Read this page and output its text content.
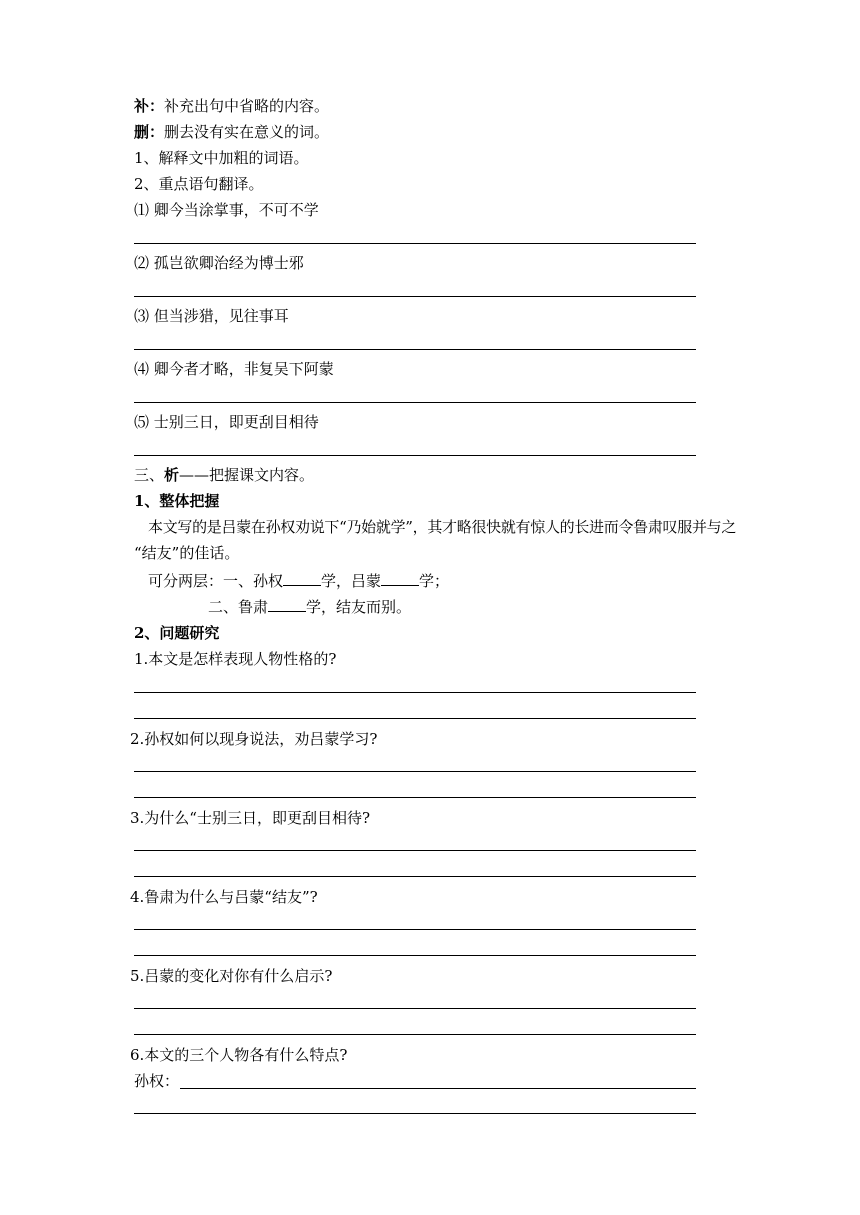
补：补充出句中省略的内容。
删：删去没有实在意义的词。
1、解释文中加粗的词语。
2、重点语句翻译。
⑴ 卿今当涂掌事，不可不学
⑵ 孤岂欲卿治经为博士邪
⑶ 但当涉猎，见往事耳
⑷ 卿今者才略，非复吴下阿蒙
⑸ 士别三日，即更刮目相待
三、析——把握课文内容。
1、整体把握
本文写的是吕蒙在孙权劝说下“乃始就学”，其才略很快就有惊人的长进而令鲁肃叹服并与之
“结友”的佳话。
可分两层：一、孙权	学，吕蒙	学；
二、鲁肃	学，结友而别。
2、问题研究
1.本文是怎样表现人物性格的?
2.孙权如何以现身说法，劝吕蒙学习?
3.为什么“士别三日，即更刮目相待?
4.鲁肃为什么与吕蒙“结友”?
5.吕蒙的变化对你有什么启示?
6.本文的三个人物各有什么特点?
孙权：
